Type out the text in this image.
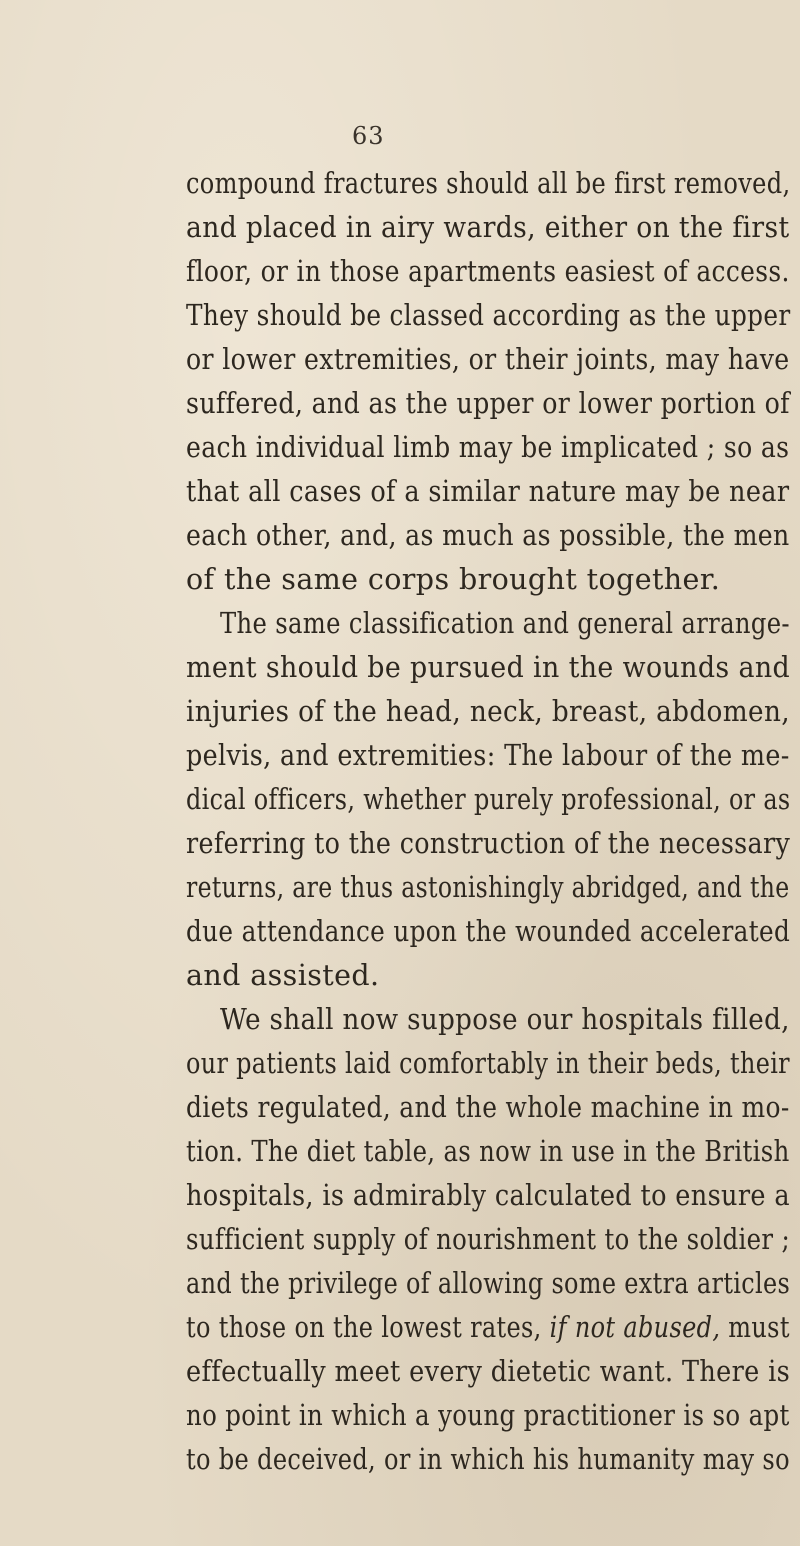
63
compound fractures should all be first removed,
and placed in airy wards, either on the first
floor, or in those apartments easiest of access.
They should be classed according as the upper
or lower extremities, or their joints, may have
suffered, and as the upper or lower portion of
each individual limb may be implicated ; so as
that all cases of a similar nature may be near
each other, and, as much as possible, the men
of the same corps brought together.
The same classification and general arrange-
ment should be pursued in the wounds and
injuries of the head, neck, breast, abdomen,
pelvis, and extremities: The labour of the me-
dical officers, whether purely professional, or as
referring to the construction of the necessary
returns, are thus astonishingly abridged, and the
due attendance upon the wounded accelerated
and assisted.
We shall now suppose our hospitals filled,
our patients laid comfortably in their beds, their
diets regulated, and the whole machine in mo-
tion. The diet table, as now in use in the British
hospitals, is admirably calculated to ensure a
sufficient supply of nourishment to the soldier ;
and the privilege of allowing some extra articles
to those on the lowest rates, if not abused, must
effectually meet every dietetic want. There is
no point in which a young practitioner is so apt
to be deceived, or in which his humanity may so
